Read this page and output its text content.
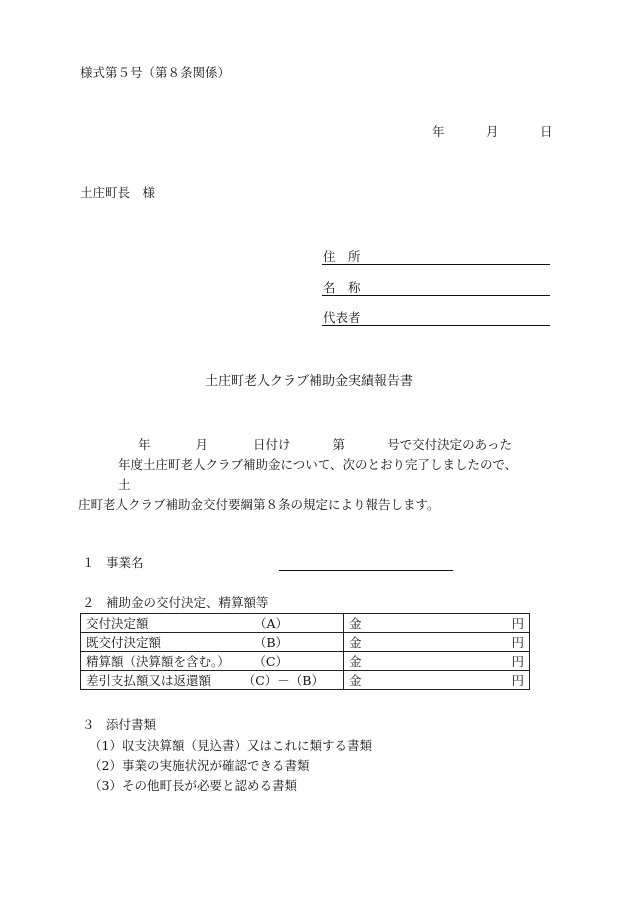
様式第５号（第８条関係）
年	月	日
土庄町長　様
住　所
名　称
代表者
土庄町老人クラブ補助金実績報告書
年	月	日付け	第	号で交付決定のあった
年度土庄町老人クラブ補助金について、次のとおり完了しましたので、
土
庄町老人クラブ補助金交付要綱第８条の規定により報告します。
１ 事業名
２ 補助金の交付決定、精算額等
交付決定額 （A）	金 円

既交付決定額 （B）	金 円

精算額（決算額を含む。） （C）	金 円

差引支払額又は返還額 （C）－（B）	金 円
３ 添付書類
（1）収支決算額（見込書）又はこれに類する書類
（2）事業の実施状況が確認できる書類
（3）その他町長が必要と認める書類
